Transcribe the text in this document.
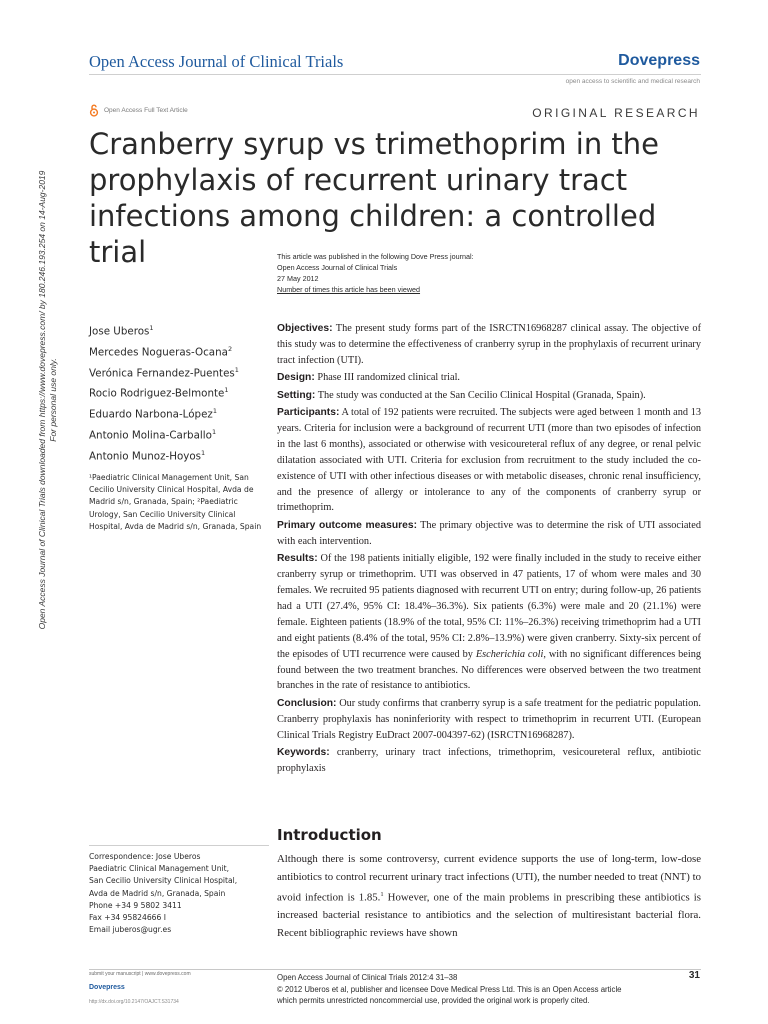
Open Access Journal of Clinical Trials	Dovepress
open access to scientific and medical research
Open Access Full Text Article	ORIGINAL RESEARCH
Cranberry syrup vs trimethoprim in the prophylaxis of recurrent urinary tract infections among children: a controlled trial
Open Access Journal of Clinical Trials downloaded from https://www.dovepress.com/ by 180.246.193.254 on 14-Aug-2019 For personal use only.
This article was published in the following Dove Press journal:
Open Access Journal of Clinical Trials
27 May 2012
Number of times this article has been viewed
Jose Uberos$^1$
Mercedes Nogueras-Ocana$^2$
Verónica Fernandez-Puentes$^1$
Rocio Rodriguez-Belmonte$^1$
Eduardo Narbona-López$^1$
Antonio Molina-Carballo$^1$
Antonio Munoz-Hoyos$^1$
¹Paediatric Clinical Management Unit, San Cecilio University Clinical Hospital, Avda de Madrid s/n, Granada, Spain; ²Paediatric Urology, San Cecilio University Clinical Hospital, Avda de Madrid s/n, Granada, Spain

Objectives: The present study forms part of the ISRCTN16968287 clinical assay. The objective of this study was to determine the effectiveness of cranberry syrup in the prophylaxis of recurrent urinary tract infection (UTI).

Design: Phase III randomized clinical trial.

Setting: The study was conducted at the San Cecilio Clinical Hospital (Granada, Spain).

Participants: A total of 192 patients were recruited. The subjects were aged between 1 month and 13 years. Criteria for inclusion were a background of recurrent UTI (more than two episodes of infection in the last 6 months), associated or otherwise with vesicoureteral reflux of any degree, or renal pelvic dilatation associated with UTI. Criteria for exclusion from recruitment to the study included the co-existence of UTI with other infectious diseases or with metabolic diseases, chronic renal insufficiency, and the presence of allergy or intolerance to any of the components of cranberry syrup or trimethoprim.

Primary outcome measures: The primary objective was to determine the risk of UTI associated with each intervention.

Results: Of the 198 patients initially eligible, 192 were finally included in the study to receive either cranberry syrup or trimethoprim. UTI was observed in 47 patients, 17 of whom were males and 30 females. We recruited 95 patients diagnosed with recurrent UTI on entry; during follow-up, 26 patients had a UTI (27.4%, 95% CI: 18.4%–36.3%). Six patients (6.3%) were male and 20 (21.1%) were female. Eighteen patients (18.9% of the total, 95% CI: 11%–26.3%) receiving trimethoprim had a UTI and eight patients (8.4% of the total, 95% CI: 2.8%–13.9%) were given cranberry. Sixty-six percent of the episodes of UTI recurrence were caused by Escherichia coli, with no significant differences being found between the two treatment branches. No differences were observed between the two treatment branches in the rate of resistance to antibiotics.

Conclusion: Our study confirms that cranberry syrup is a safe treatment for the pediatric population. Cranberry prophylaxis has noninferiority with respect to trimethoprim in recurrent UTI. (European Clinical Trials Registry EuDract 2007-004397-62) (ISRCTN16968287).

Keywords: cranberry, urinary tract infections, trimethoprim, vesicoureteral reflux, antibiotic prophylaxis

Introduction

Although there is some controversy, current evidence supports the use of long-term, low-dose antibiotics to control recurrent urinary tract infections (UTI), the number needed to treat (NNT) to avoid infection is 1.85.$^1$ However, one of the main problems in prescribing these antibiotics is increased bacterial resistance to antibiotics and the selection of multiresistant bacterial flora. Recent bibliographic reviews have shown

Correspondence: Jose Uberos
Paediatric Clinical Management Unit,
San Cecilio University Clinical Hospital,
Avda de Madrid s/n, Granada, Spain
Phone +34 9 5802 3411
Fax +34 95824666 I
Email juberos@ugr.es
submit your manuscript | www.dovepress.com
Dovepress
http://dx.doi.org/10.2147/OAJCT.S31734
Open Access Journal of Clinical Trials 2012:4 31–38
© 2012 Uberos et al, publisher and licensee Dove Medical Press Ltd. This is an Open Access article
which permits unrestricted noncommercial use, provided the original work is properly cited.
31
